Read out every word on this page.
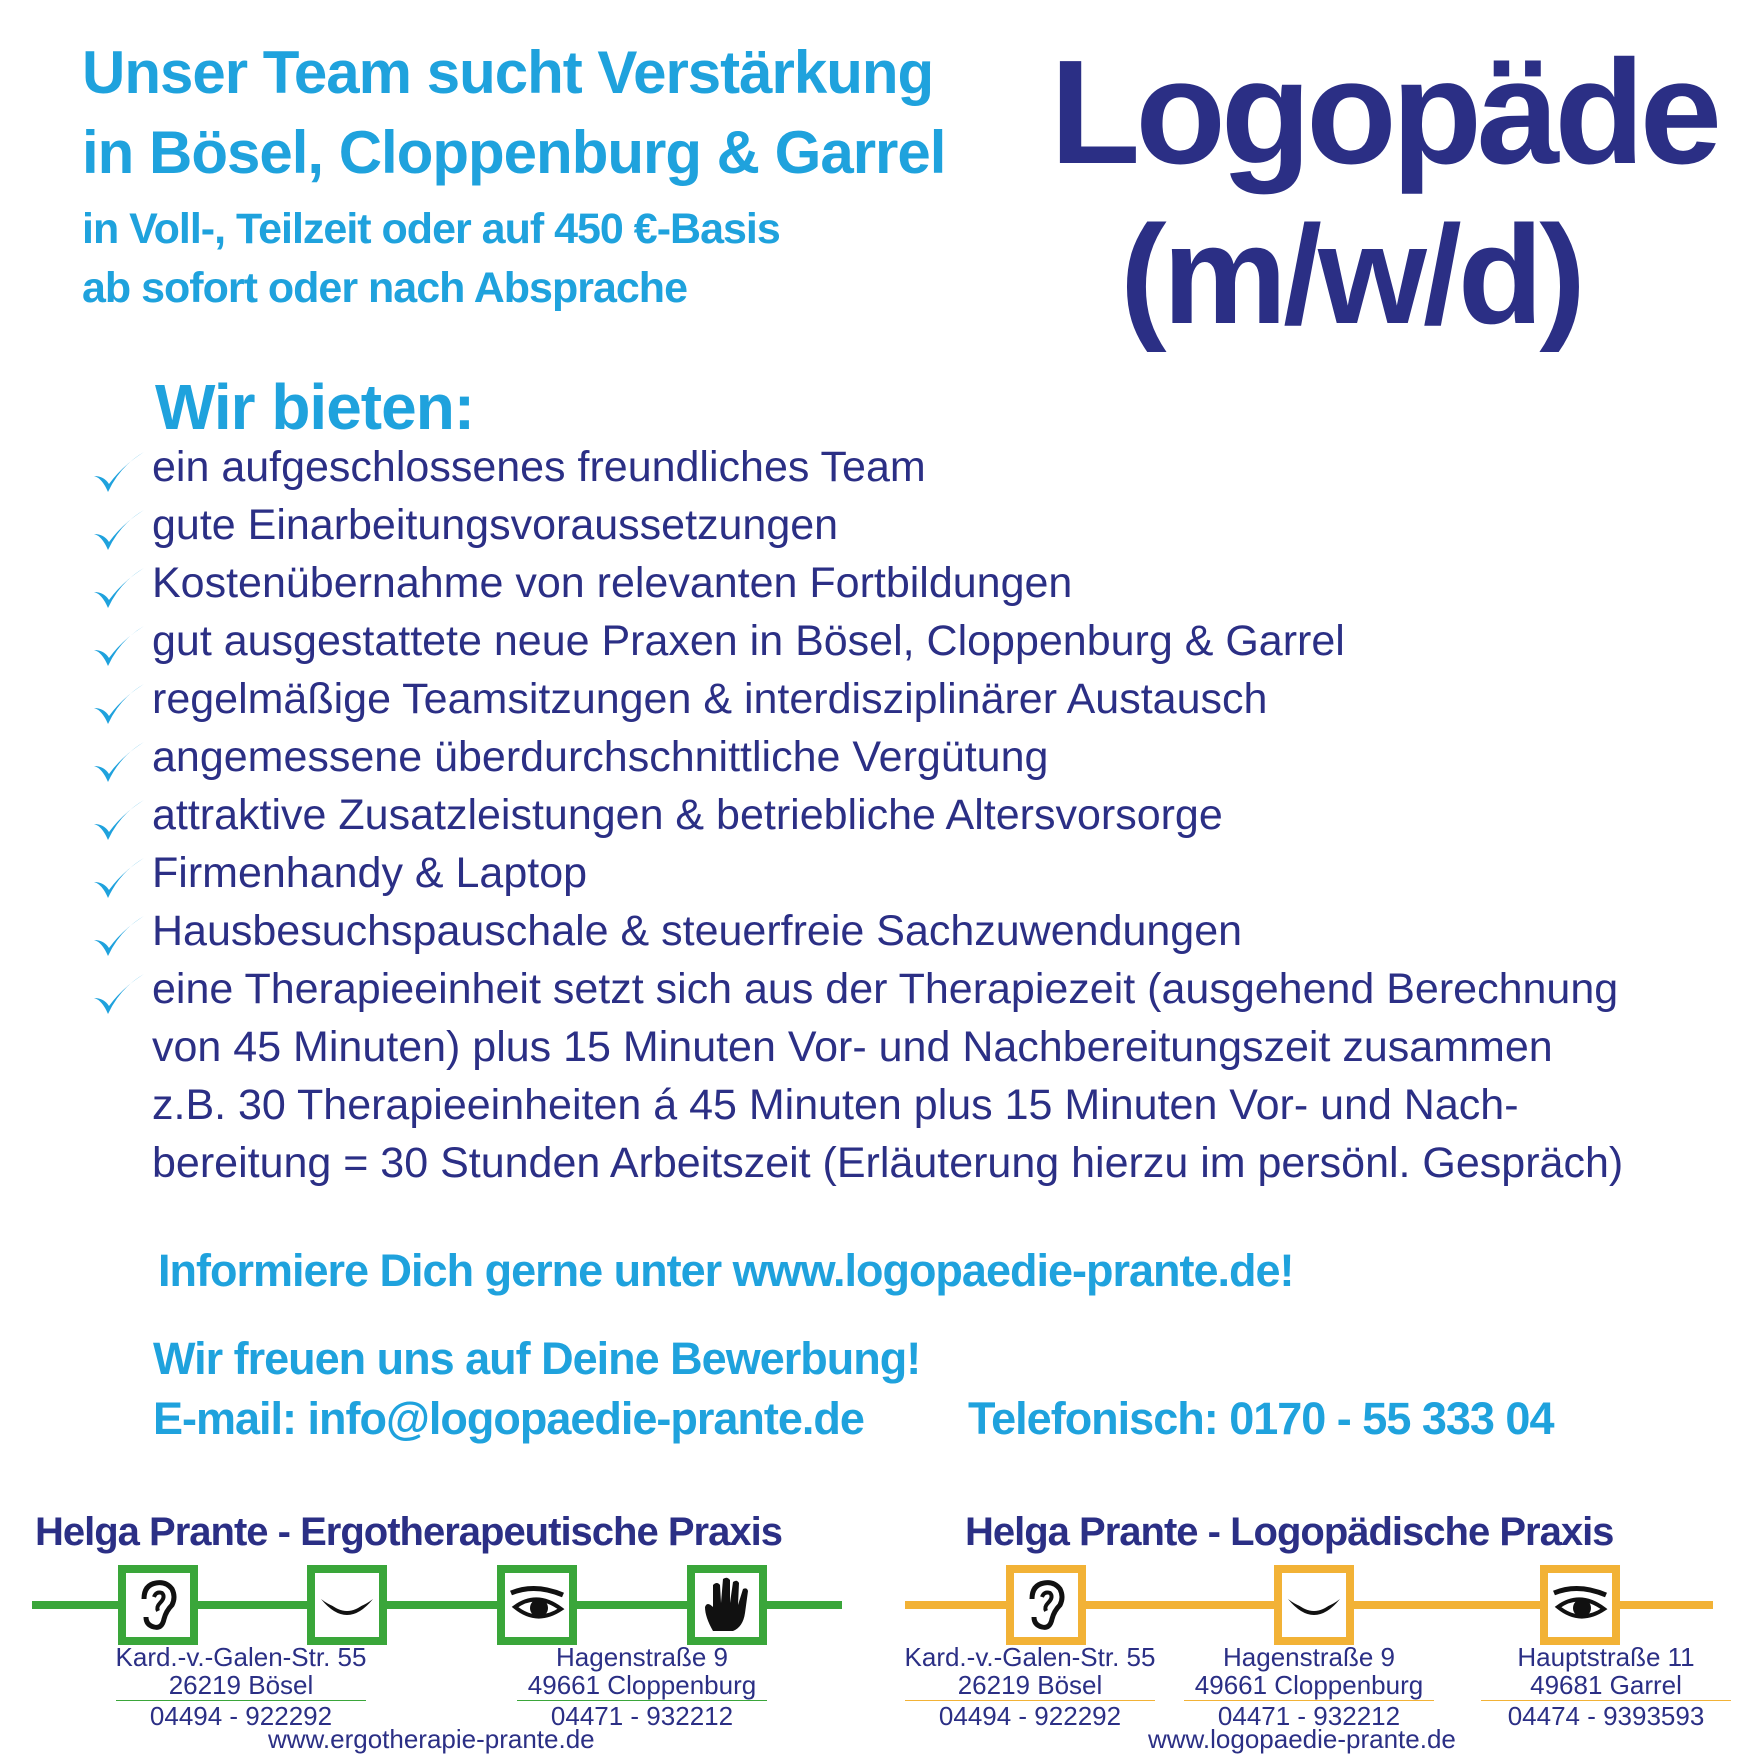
Unser Team sucht Verstärkung
in Bösel, Cloppenburg & Garrel
in Voll-, Teilzeit oder auf 450 €-Basis
ab sofort oder nach Absprache
Logopäde
(m/w/d)
Wir bieten:
ein aufgeschlossenes freundliches Team
gute Einarbeitungsvoraussetzungen
Kostenübernahme von relevanten Fortbildungen
gut ausgestattete neue Praxen in Bösel, Cloppenburg & Garrel
regelmäßige Teamsitzungen & interdisziplinärer Austausch
angemessene überdurchschnittliche Vergütung
attraktive Zusatzleistungen & betriebliche Altersvorsorge
Firmenhandy & Laptop
Hausbesuchspauschale & steuerfreie Sachzuwendungen
eine Therapieeinheit setzt sich aus der Therapiezeit (ausgehend Berechnung
von 45 Minuten) plus 15 Minuten Vor- und Nachbereitungszeit zusammen
z.B. 30 Therapieeinheiten á 45 Minuten plus 15 Minuten Vor- und Nach-
bereitung = 30 Stunden Arbeitszeit (Erläuterung hierzu im persönl. Gespräch)
Informiere Dich gerne unter www.logopaedie-prante.de!
Wir freuen uns auf Deine Bewerbung!
E-mail: info@logopaedie-prante.de Telefonisch: 0170 - 55 333 04
Helga Prante - Ergotherapeutische Praxis
Kard.-v.-Galen-Str. 55
26219 Bösel
04494 - 922292
Hagenstraße 9
49661 Cloppenburg
04471 - 932212
www.ergotherapie-prante.de
Helga Prante - Logopädische Praxis
Kard.-v.-Galen-Str. 55
26219 Bösel
04494 - 922292
Hagenstraße 9
49661 Cloppenburg
04471 - 932212
Hauptstraße 11
49681 Garrel
04474 - 9393593
www.logopaedie-prante.de
